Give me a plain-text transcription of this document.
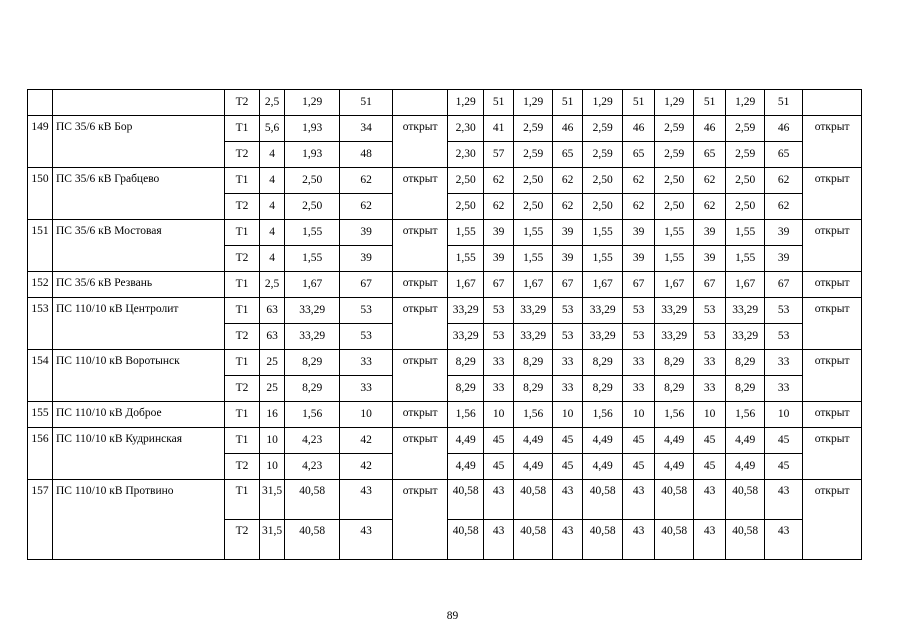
		Т2	2,5	1,29	51		1,29	51	1,29	51	1,29	51	1,29	51	1,29	51	
149	ПС 35/6 кВ Бор	Т1	5,6	1,93	34	открыт	2,30	41	2,59	46	2,59	46	2,59	46	2,59	46	открыт
		Т2	4	1,93	48		2,30	57	2,59	65	2,59	65	2,59	65	2,59	65	
150	ПС 35/6 кВ Грабцево	Т1	4	2,50	62	открыт	2,50	62	2,50	62	2,50	62	2,50	62	2,50	62	открыт
		Т2	4	2,50	62		2,50	62	2,50	62	2,50	62	2,50	62	2,50	62	
151	ПС 35/6 кВ Мостовая	Т1	4	1,55	39	открыт	1,55	39	1,55	39	1,55	39	1,55	39	1,55	39	открыт
		Т2	4	1,55	39		1,55	39	1,55	39	1,55	39	1,55	39	1,55	39	
152	ПС 35/6 кВ Резвань	Т1	2,5	1,67	67	открыт	1,67	67	1,67	67	1,67	67	1,67	67	1,67	67	открыт
153	ПС 110/10 кВ Центролит	Т1	63	33,29	53	открыт	33,29	53	33,29	53	33,29	53	33,29	53	33,29	53	открыт
		Т2	63	33,29	53		33,29	53	33,29	53	33,29	53	33,29	53	33,29	53	
154	ПС 110/10 кВ Воротынск	Т1	25	8,29	33	открыт	8,29	33	8,29	33	8,29	33	8,29	33	8,29	33	открыт
		Т2	25	8,29	33		8,29	33	8,29	33	8,29	33	8,29	33	8,29	33	
155	ПС 110/10 кВ Доброе	Т1	16	1,56	10	открыт	1,56	10	1,56	10	1,56	10	1,56	10	1,56	10	открыт
156	ПС 110/10 кВ Кудринская	Т1	10	4,23	42	открыт	4,49	45	4,49	45	4,49	45	4,49	45	4,49	45	открыт
		Т2	10	4,23	42		4,49	45	4,49	45	4,49	45	4,49	45	4,49	45	
157	ПС 110/10 кВ Протвино	Т1	31,5	40,58	43	открыт	40,58	43	40,58	43	40,58	43	40,58	43	40,58	43	открыт
		Т2	31,5	40,58	43		40,58	43	40,58	43	40,58	43	40,58	43	40,58	43	
89
